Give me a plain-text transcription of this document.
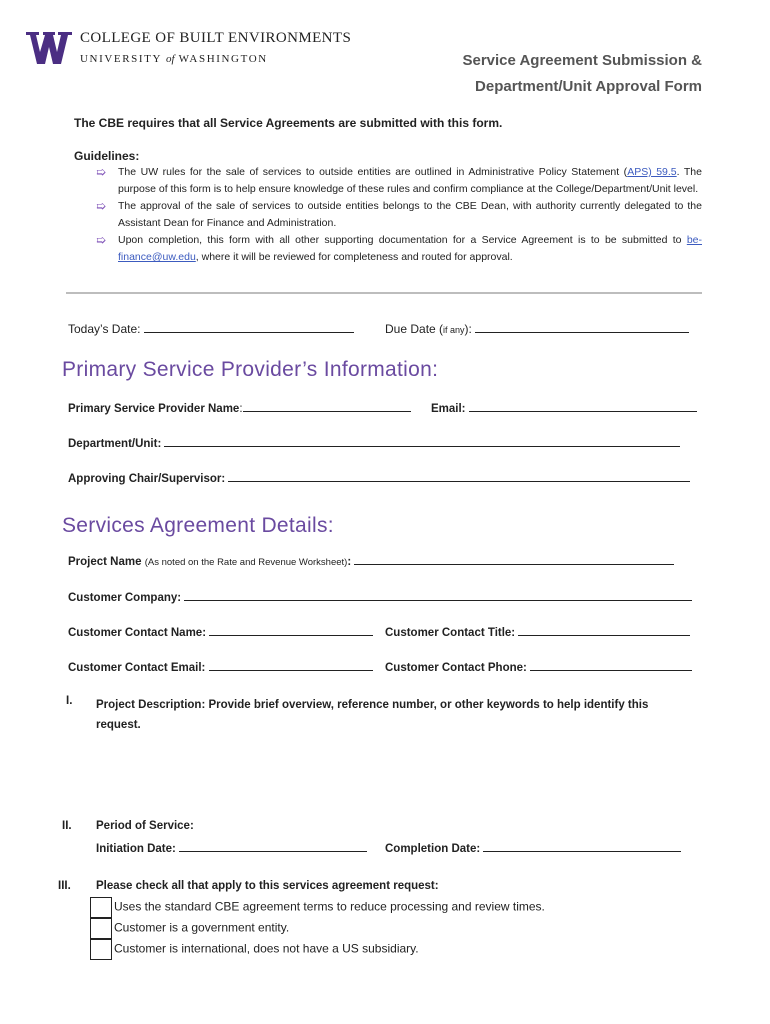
COLLEGE OF BUILT ENVIRONMENTS
UNIVERSITY of WASHINGTON	Service Agreement Submission &
Department/Unit Approval Form
The CBE requires that all Service Agreements are submitted with this form.
Guidelines:
➯ The UW rules for the sale of services to outside entities are outlined in Administrative Policy Statement (APS) 59.5. The purpose of this form is to help ensure knowledge of these rules and confirm compliance at the College/Department/Unit level.
➯ The approval of the sale of services to outside entities belongs to the CBE Dean, with authority currently delegated to the Assistant Dean for Finance and Administration.
➯ Upon completion, this form with all other supporting documentation for a Service Agreement is to be submitted to be-finance@uw.edu, where it will be reviewed for completeness and routed for approval.
Today’s Date:	Due Date (if any):
Primary Service Provider’s Information:
Primary Service Provider Name:	Email:
Department/Unit:
Approving Chair/Supervisor:
Services Agreement Details:
Project Name (As noted on the Rate and Revenue Worksheet):
Customer Company:
Customer Contact Name:	Customer Contact Title:
Customer Contact Email:	Customer Contact Phone:
I. Project Description: Provide brief overview, reference number, or other keywords to help identify this request.
II. Period of Service:
Initiation Date:	Completion Date:
III. Please check all that apply to this services agreement request:
Uses the standard CBE agreement terms to reduce processing and review times.
Customer is a government entity.
Customer is international, does not have a US subsidiary.
